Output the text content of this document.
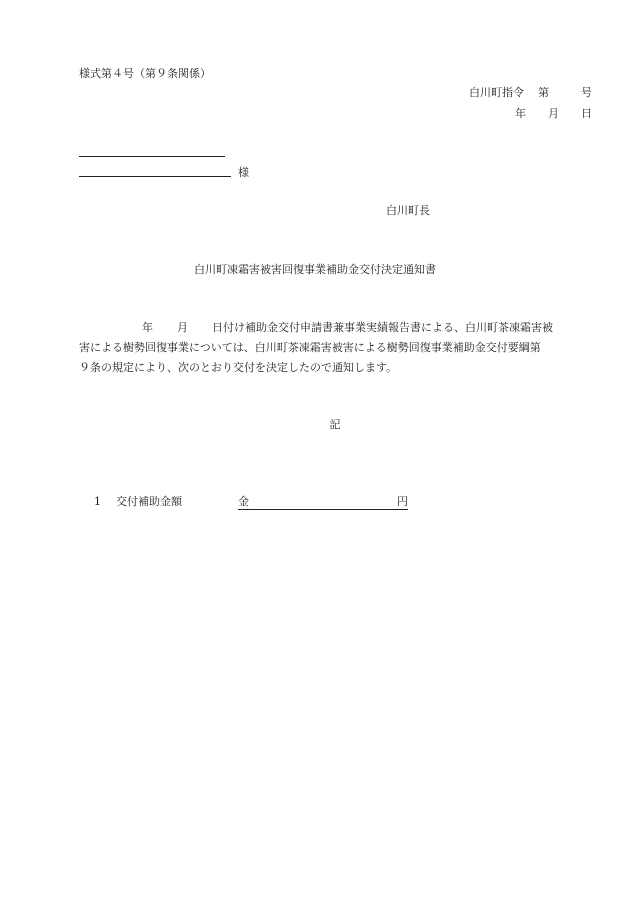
様式第４号（第９条関係）
白川町指令 第	号
年 月 日
様
白川町長
白川町凍霜害被害回復事業補助金交付決定通知書
年 月 日付け補助金交付申請書兼事業実績報告書による、白川町茶凍霜害被
害による樹勢回復事業については、白川町茶凍霜害被害による樹勢回復事業補助金交付要綱第
９条の規定により、次のとおり交付を決定したので通知します。
記
1 交付補助金額	金	円
